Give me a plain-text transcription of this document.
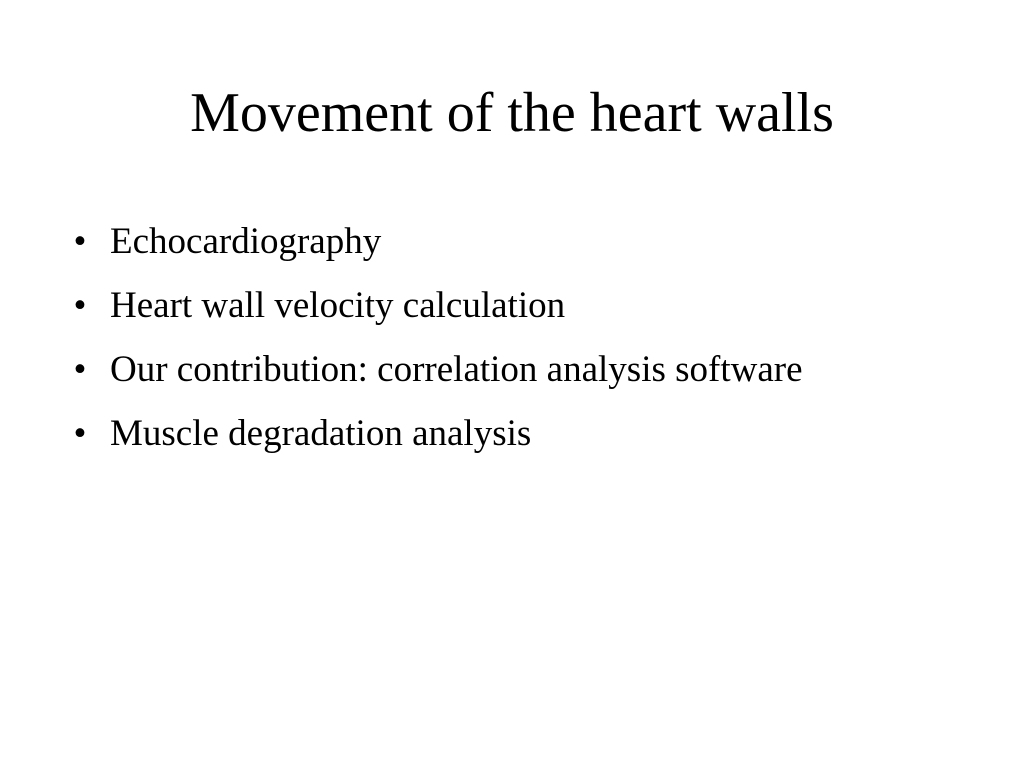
Movement of the heart walls
• Echocardiography
• Heart wall velocity calculation
• Our contribution: correlation analysis software
• Muscle degradation analysis
